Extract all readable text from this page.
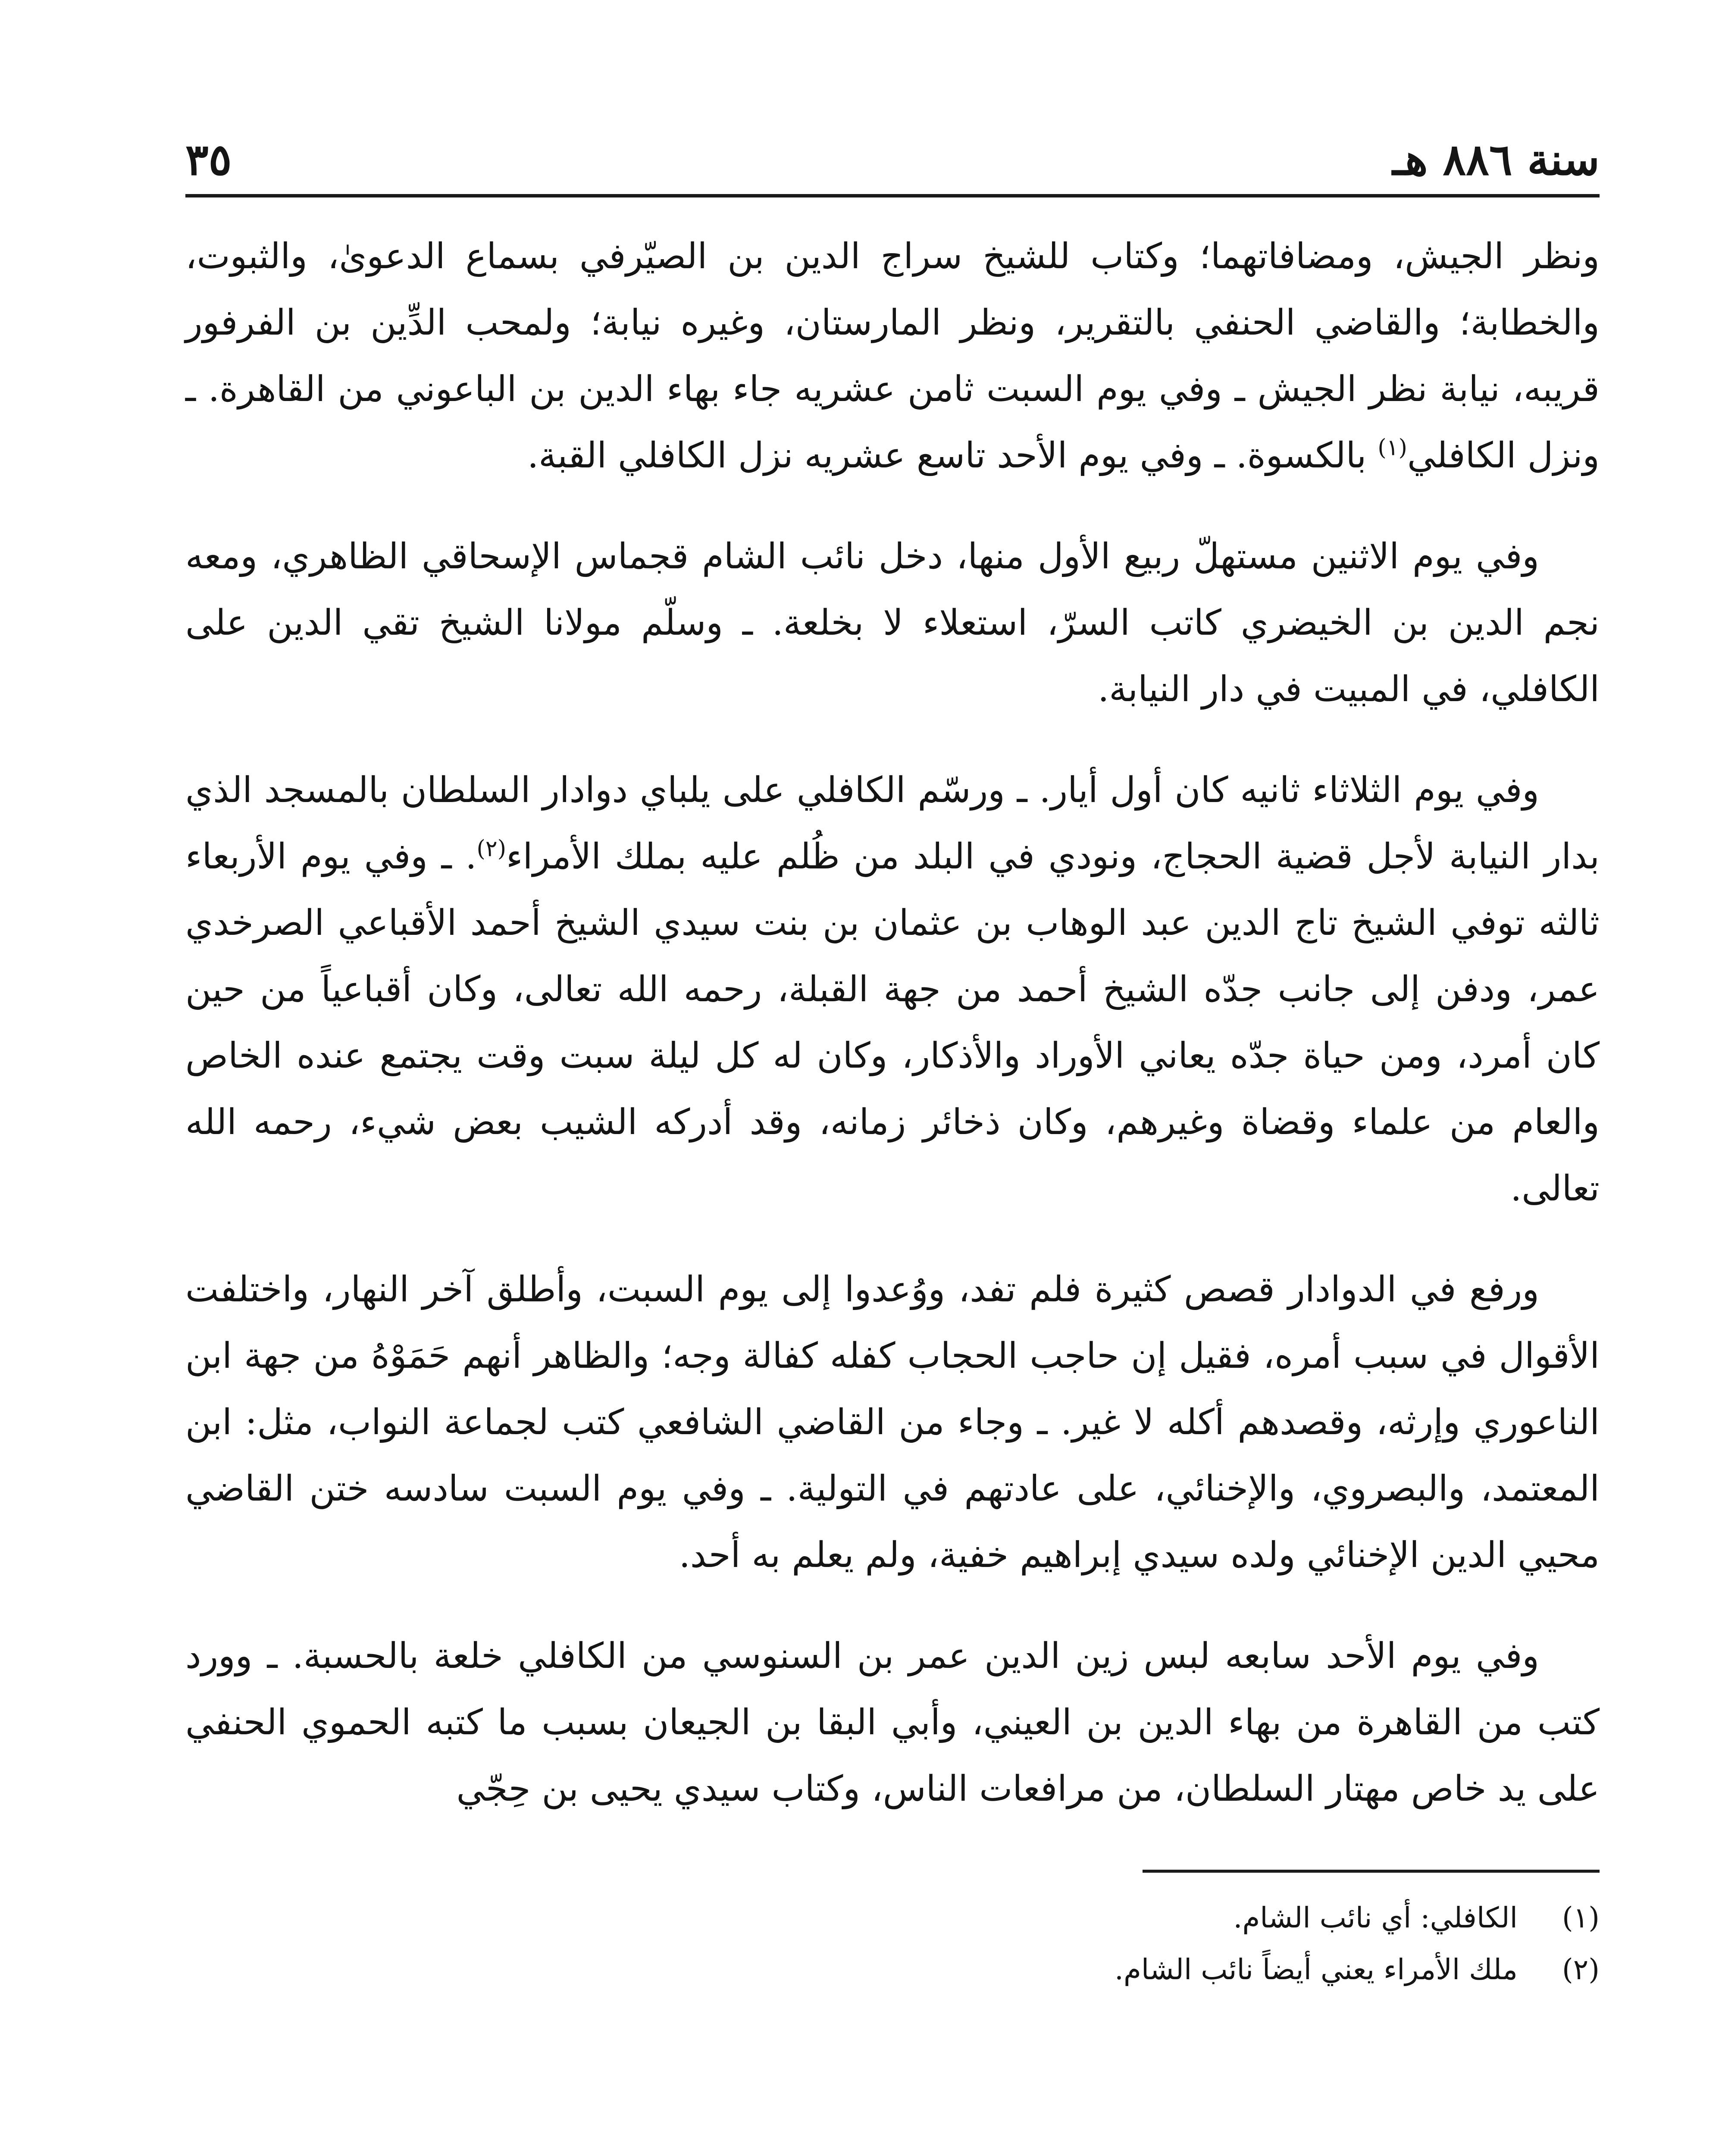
سنة ٨٨٦ هـ
٣٥

ونظر الجيش، ومضافاتهما؛ وكتاب للشيخ سراج الدين بن الصيّرفي بسماع الدعوىٰ، والثبوت، والخطابة؛ والقاضي الحنفي بالتقرير، ونظر المارستان، وغيره نيابة؛ ولمحب الدِّين بن الفرفور قريبه، نيابة نظر الجيش ـ وفي يوم السبت ثامن عشريه جاء بهاء الدين بن الباعوني من القاهرة. ـ ونزل الكافلي$^{(١)}$ بالكسوة. ـ وفي يوم الأحد تاسع عشريه نزل الكافلي القبة.

وفي يوم الاثنين مستهلّ ربيع الأول منها، دخل نائب الشام قجماس الإسحاقي الظاهري، ومعه نجم الدين بن الخيضري كاتب السرّ، استعلاء لا بخلعة. ـ وسلّم مولانا الشيخ تقي الدين على الكافلي، في المبيت في دار النيابة.

وفي يوم الثلاثاء ثانيه كان أول أيار. ـ ورسّم الكافلي على يلباي دوادار السلطان بالمسجد الذي بدار النيابة لأجل قضية الحجاج، ونودي في البلد من ظُلم عليه بملك الأمراء$^{(٢)}$. ـ وفي يوم الأربعاء ثالثه توفي الشيخ تاج الدين عبد الوهاب بن عثمان بن بنت سيدي الشيخ أحمد الأقباعي الصرخدي عمر، ودفن إلى جانب جدّه الشيخ أحمد من جهة القبلة، رحمه الله تعالى، وكان أقباعياً من حين كان أمرد، ومن حياة جدّه يعاني الأوراد والأذكار، وكان له كل ليلة سبت وقت يجتمع عنده الخاص والعام من علماء وقضاة وغيرهم، وكان ذخائر زمانه، وقد أدركه الشيب بعض شيء، رحمه الله تعالى.

ورفع في الدوادار قصص كثيرة فلم تفد، ووُعدوا إلى يوم السبت، وأطلق آخر النهار، واختلفت الأقوال في سبب أمره، فقيل إن حاجب الحجاب كفله كفالة وجه؛ والظاهر أنهم حَمَوْهُ من جهة ابن الناعوري وإرثه، وقصدهم أكله لا غير. ـ وجاء من القاضي الشافعي كتب لجماعة النواب، مثل: ابن المعتمد، والبصروي، والإخنائي، على عادتهم في التولية. ـ وفي يوم السبت سادسه ختن القاضي محيي الدين الإخنائي ولده سيدي إبراهيم خفية، ولم يعلم به أحد.

وفي يوم الأحد سابعه لبس زين الدين عمر بن السنوسي من الكافلي خلعة بالحسبة. ـ وورد كتب من القاهرة من بهاء الدين بن العيني، وأبي البقا بن الجيعان بسبب ما كتبه الحموي الحنفي على يد خاص مهتار السلطان، من مرافعات الناس، وكتاب سيدي يحيى بن حِجّي

(١)الكافلي: أي نائب الشام.

(٢)ملك الأمراء يعني أيضاً نائب الشام.
